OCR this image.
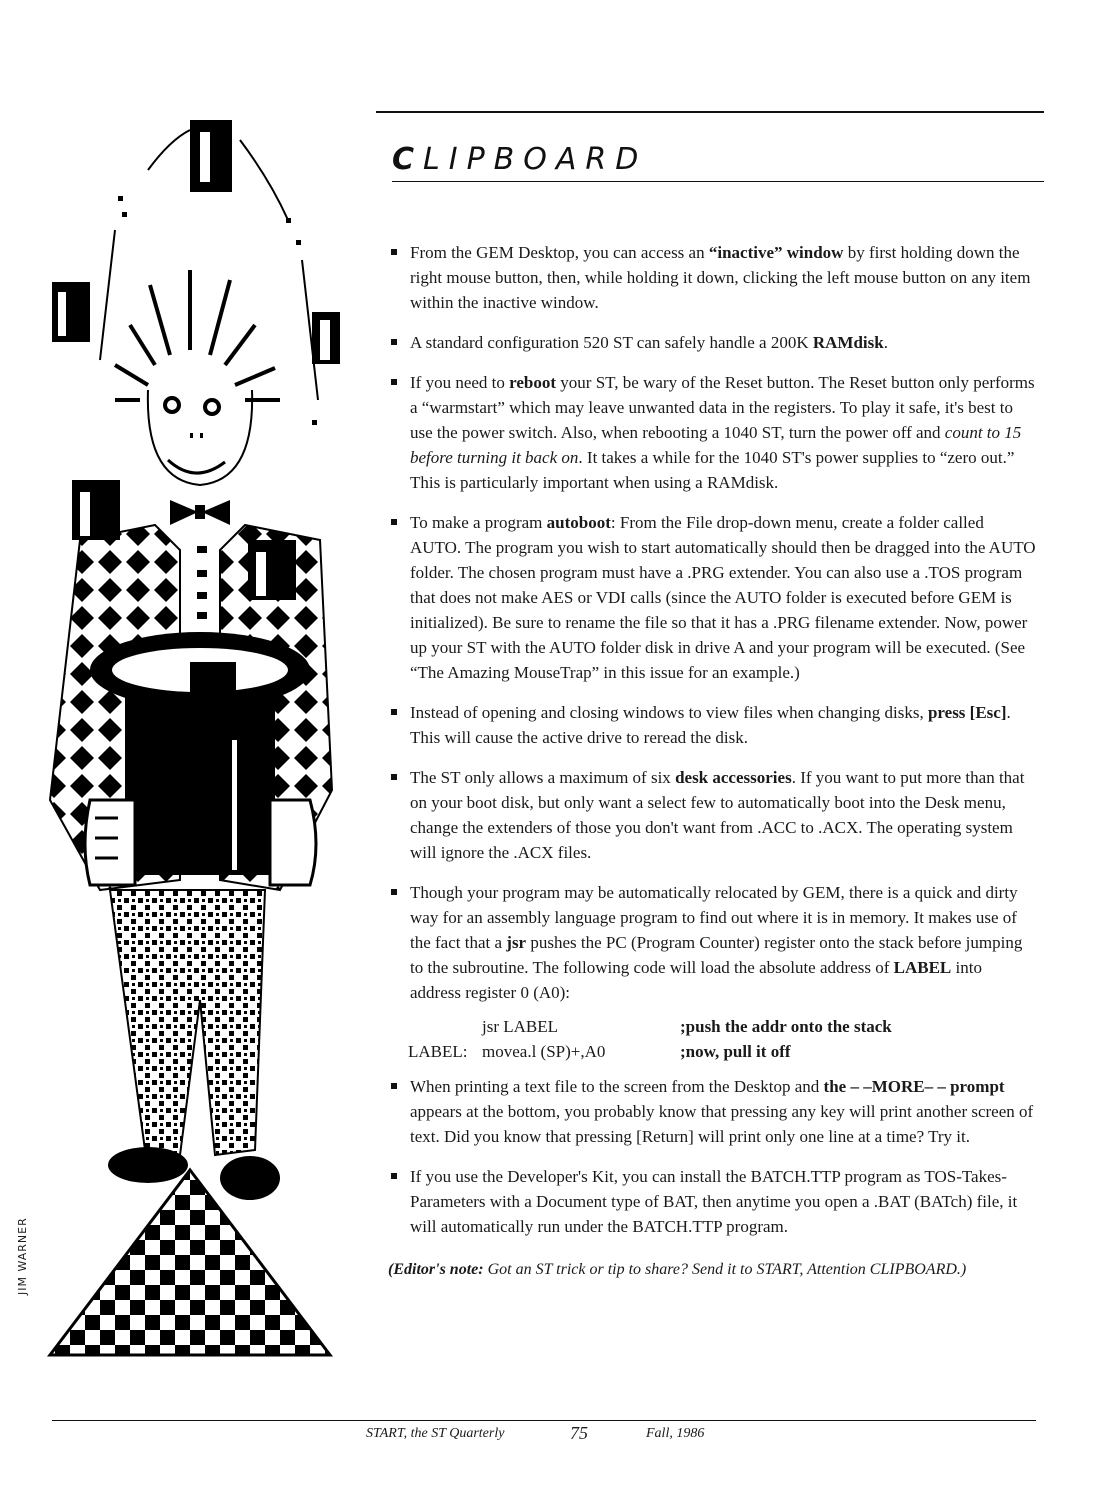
JIM WARNER
CLIPBOARD

From the GEM Desktop, you can access an “inactive” window by first holding down the right mouse button, then, while holding it down, clicking the left mouse button on any item within the inactive window.

A standard configuration 520 ST can safely handle a 200K RAMdisk.

If you need to reboot your ST, be wary of the Reset button. The Reset button only performs a “warmstart” which may leave unwanted data in the registers. To play it safe, it's best to use the power switch. Also, when rebooting a 1040 ST, turn the power off and count to 15 before turning it back on. It takes a while for the 1040 ST's power supplies to “zero out.” This is particularly important when using a RAMdisk.

To make a program autoboot: From the File drop-down menu, create a folder called AUTO. The program you wish to start automatically should then be dragged into the AUTO folder. The chosen program must have a .PRG extender. You can also use a .TOS program that does not make AES or VDI calls (since the AUTO folder is executed before GEM is initialized). Be sure to rename the file so that it has a .PRG filename extender. Now, power up your ST with the AUTO folder disk in drive A and your program will be executed. (See “The Amazing MouseTrap” in this issue for an example.)

Instead of opening and closing windows to view files when changing disks, press [Esc]. This will cause the active drive to reread the disk.

The ST only allows a maximum of six desk accessories. If you want to put more than that on your boot disk, but only want a select few to automatically boot into the Desk menu, change the extenders of those you don't want from .ACC to .ACX. The operating system will ignore the .ACX files.

Though your program may be automatically relocated by GEM, there is a quick and dirty way for an assembly language program to find out where it is in memory. It makes use of the fact that a jsr pushes the PC (Program Counter) register onto the stack before jumping to the subroutine. The following code will load the absolute address of LABEL into address register 0 (A0):

jsr LABEL	;push the addr onto the stack
LABEL: movea.l (SP)+,A0	;now, pull it off

When printing a text file to the screen from the Desktop and the – –MORE– – prompt appears at the bottom, you probably know that pressing any key will print another screen of text. Did you know that pressing [Return] will print only one line at a time? Try it.

If you use the Developer's Kit, you can install the BATCH.TTP program as TOS-Takes-Parameters with a Document type of BAT, then anytime you open a .BAT (BATch) file, it will automatically run under the BATCH.TTP program.

(Editor's note: Got an ST trick or tip to share? Send it to START, Attention CLIPBOARD.)
START, the ST Quarterly	75	Fall, 1986
